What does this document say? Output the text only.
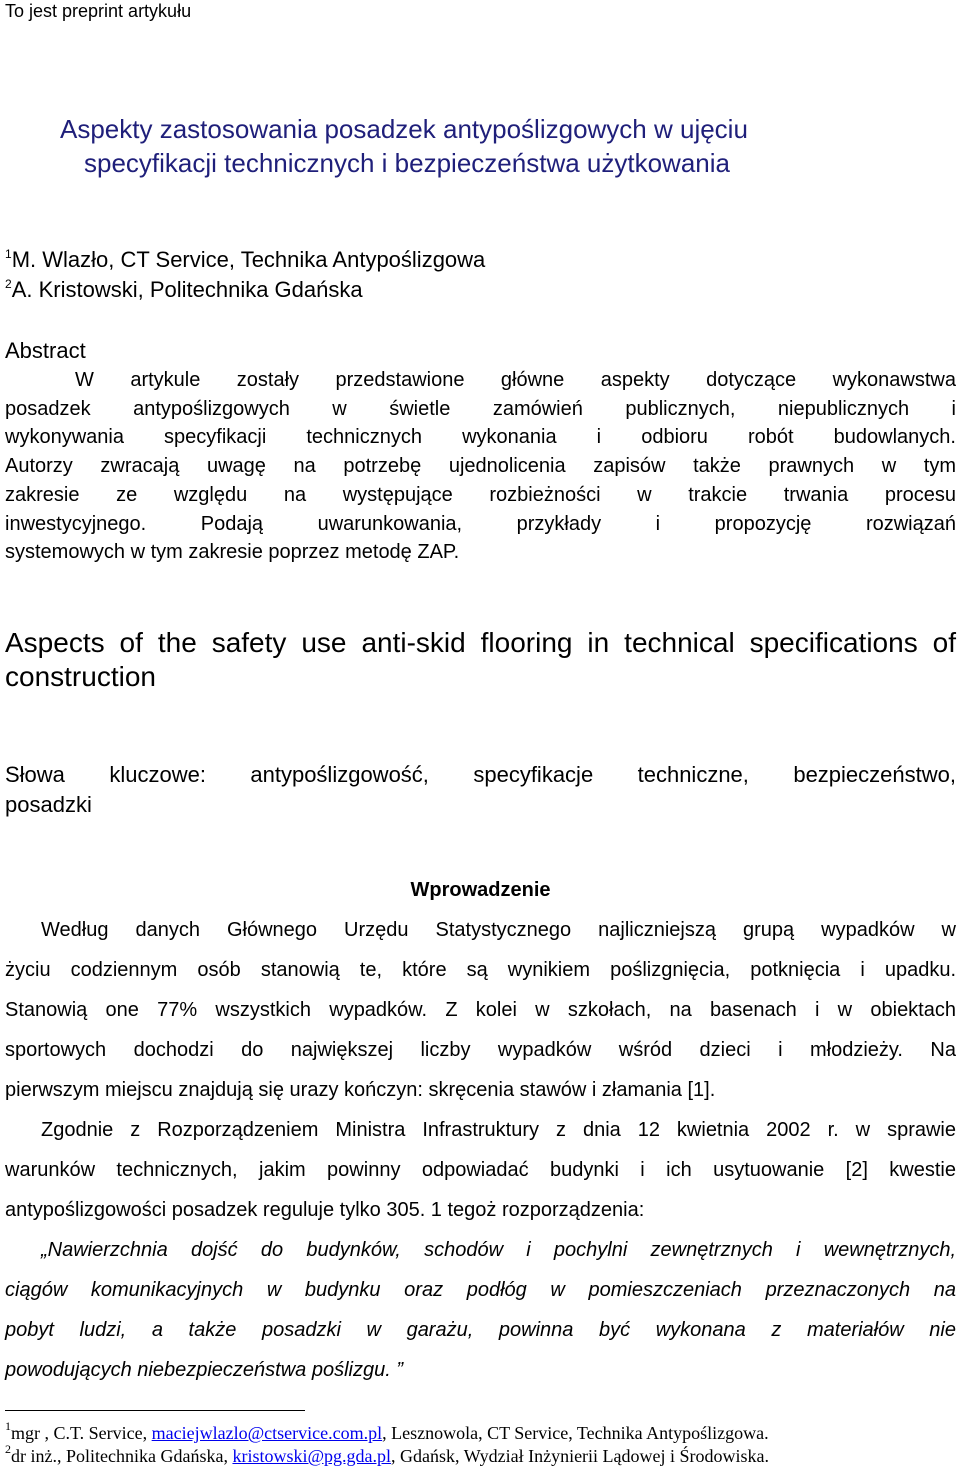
To jest preprint artykułu
Aspekty zastosowania posadzek antypoślizgowych w ujęciu
specyfikacji technicznych i bezpieczeństwa użytkowania
$^1$M. Wlazło, CT Service, Technika Antypoślizgowa
$^2$A. Kristowski, Politechnika Gdańska
Abstract
W artykule zostały przedstawione główne aspekty dotyczące wykonawstwa
posadzek antypoślizgowych w świetle zamówień publicznych, niepublicznych i
wykonywania specyfikacji technicznych wykonania i odbioru robót budowlanych.
Autorzy zwracają uwagę na potrzebę ujednolicenia zapisów także prawnych w tym
zakresie ze względu na występujące rozbieżności w trakcie trwania procesu
inwestycyjnego. Podają uwarunkowania, przykłady i propozycję rozwiązań
systemowych w tym zakresie poprzez metodę ZAP.
Aspects of the safety use anti-skid flooring in technical specifications of
construction
Słowa kluczowe: antypoślizgowość, specyfikacje techniczne, bezpieczeństwo,
posadzki
Wprowadzenie
Według danych Głównego Urzędu Statystycznego najliczniejszą grupą wypadków w
życiu codziennym osób stanowią te, które są wynikiem poślizgnięcia, potknięcia i upadku.
Stanowią one 77% wszystkich wypadków. Z kolei w szkołach, na basenach i w obiektach
sportowych dochodzi do największej liczby wypadków wśród dzieci i młodzieży. Na
pierwszym miejscu znajdują się urazy kończyn: skręcenia stawów i złamania [1].
Zgodnie z Rozporządzeniem Ministra Infrastruktury z dnia 12 kwietnia 2002 r. w sprawie
warunków technicznych, jakim powinny odpowiadać budynki i ich usytuowanie [2] kwestie
antypoślizgowości posadzek reguluje tylko 305. 1 tegoż rozporządzenia:
„Nawierzchnia dojść do budynków, schodów i pochylni zewnętrznych i wewnętrznych,
ciągów komunikacyjnych w budynku oraz podłóg w pomieszczeniach przeznaczonych na
pobyt ludzi, a także posadzki w garażu, powinna być wykonana z materiałów nie
powodujących niebezpieczeństwa poślizgu. ”
$^1$mgr , C.T. Service, maciejwlazlo@ctservice.com.pl, Lesznowola, CT Service, Technika Antypoślizgowa.
$^2$dr inż., Politechnika Gdańska, kristowski@pg.gda.pl, Gdańsk, Wydział Inżynierii Lądowej i Środowiska.
